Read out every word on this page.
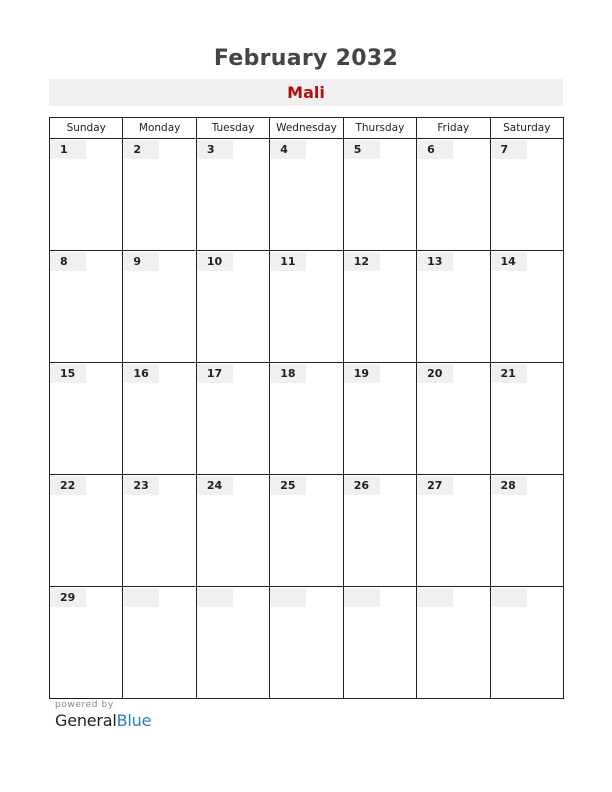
February 2032
Mali
Sunday	Monday	Tuesday	Wednesday	Thursday	Friday	Saturday

1	2	3	4	5	6	7

8	9	10	11	12	13	14

15	16	17	18	19	20	21

22	23	24	25	26	27	28

29						

powered by
GeneralBlue
